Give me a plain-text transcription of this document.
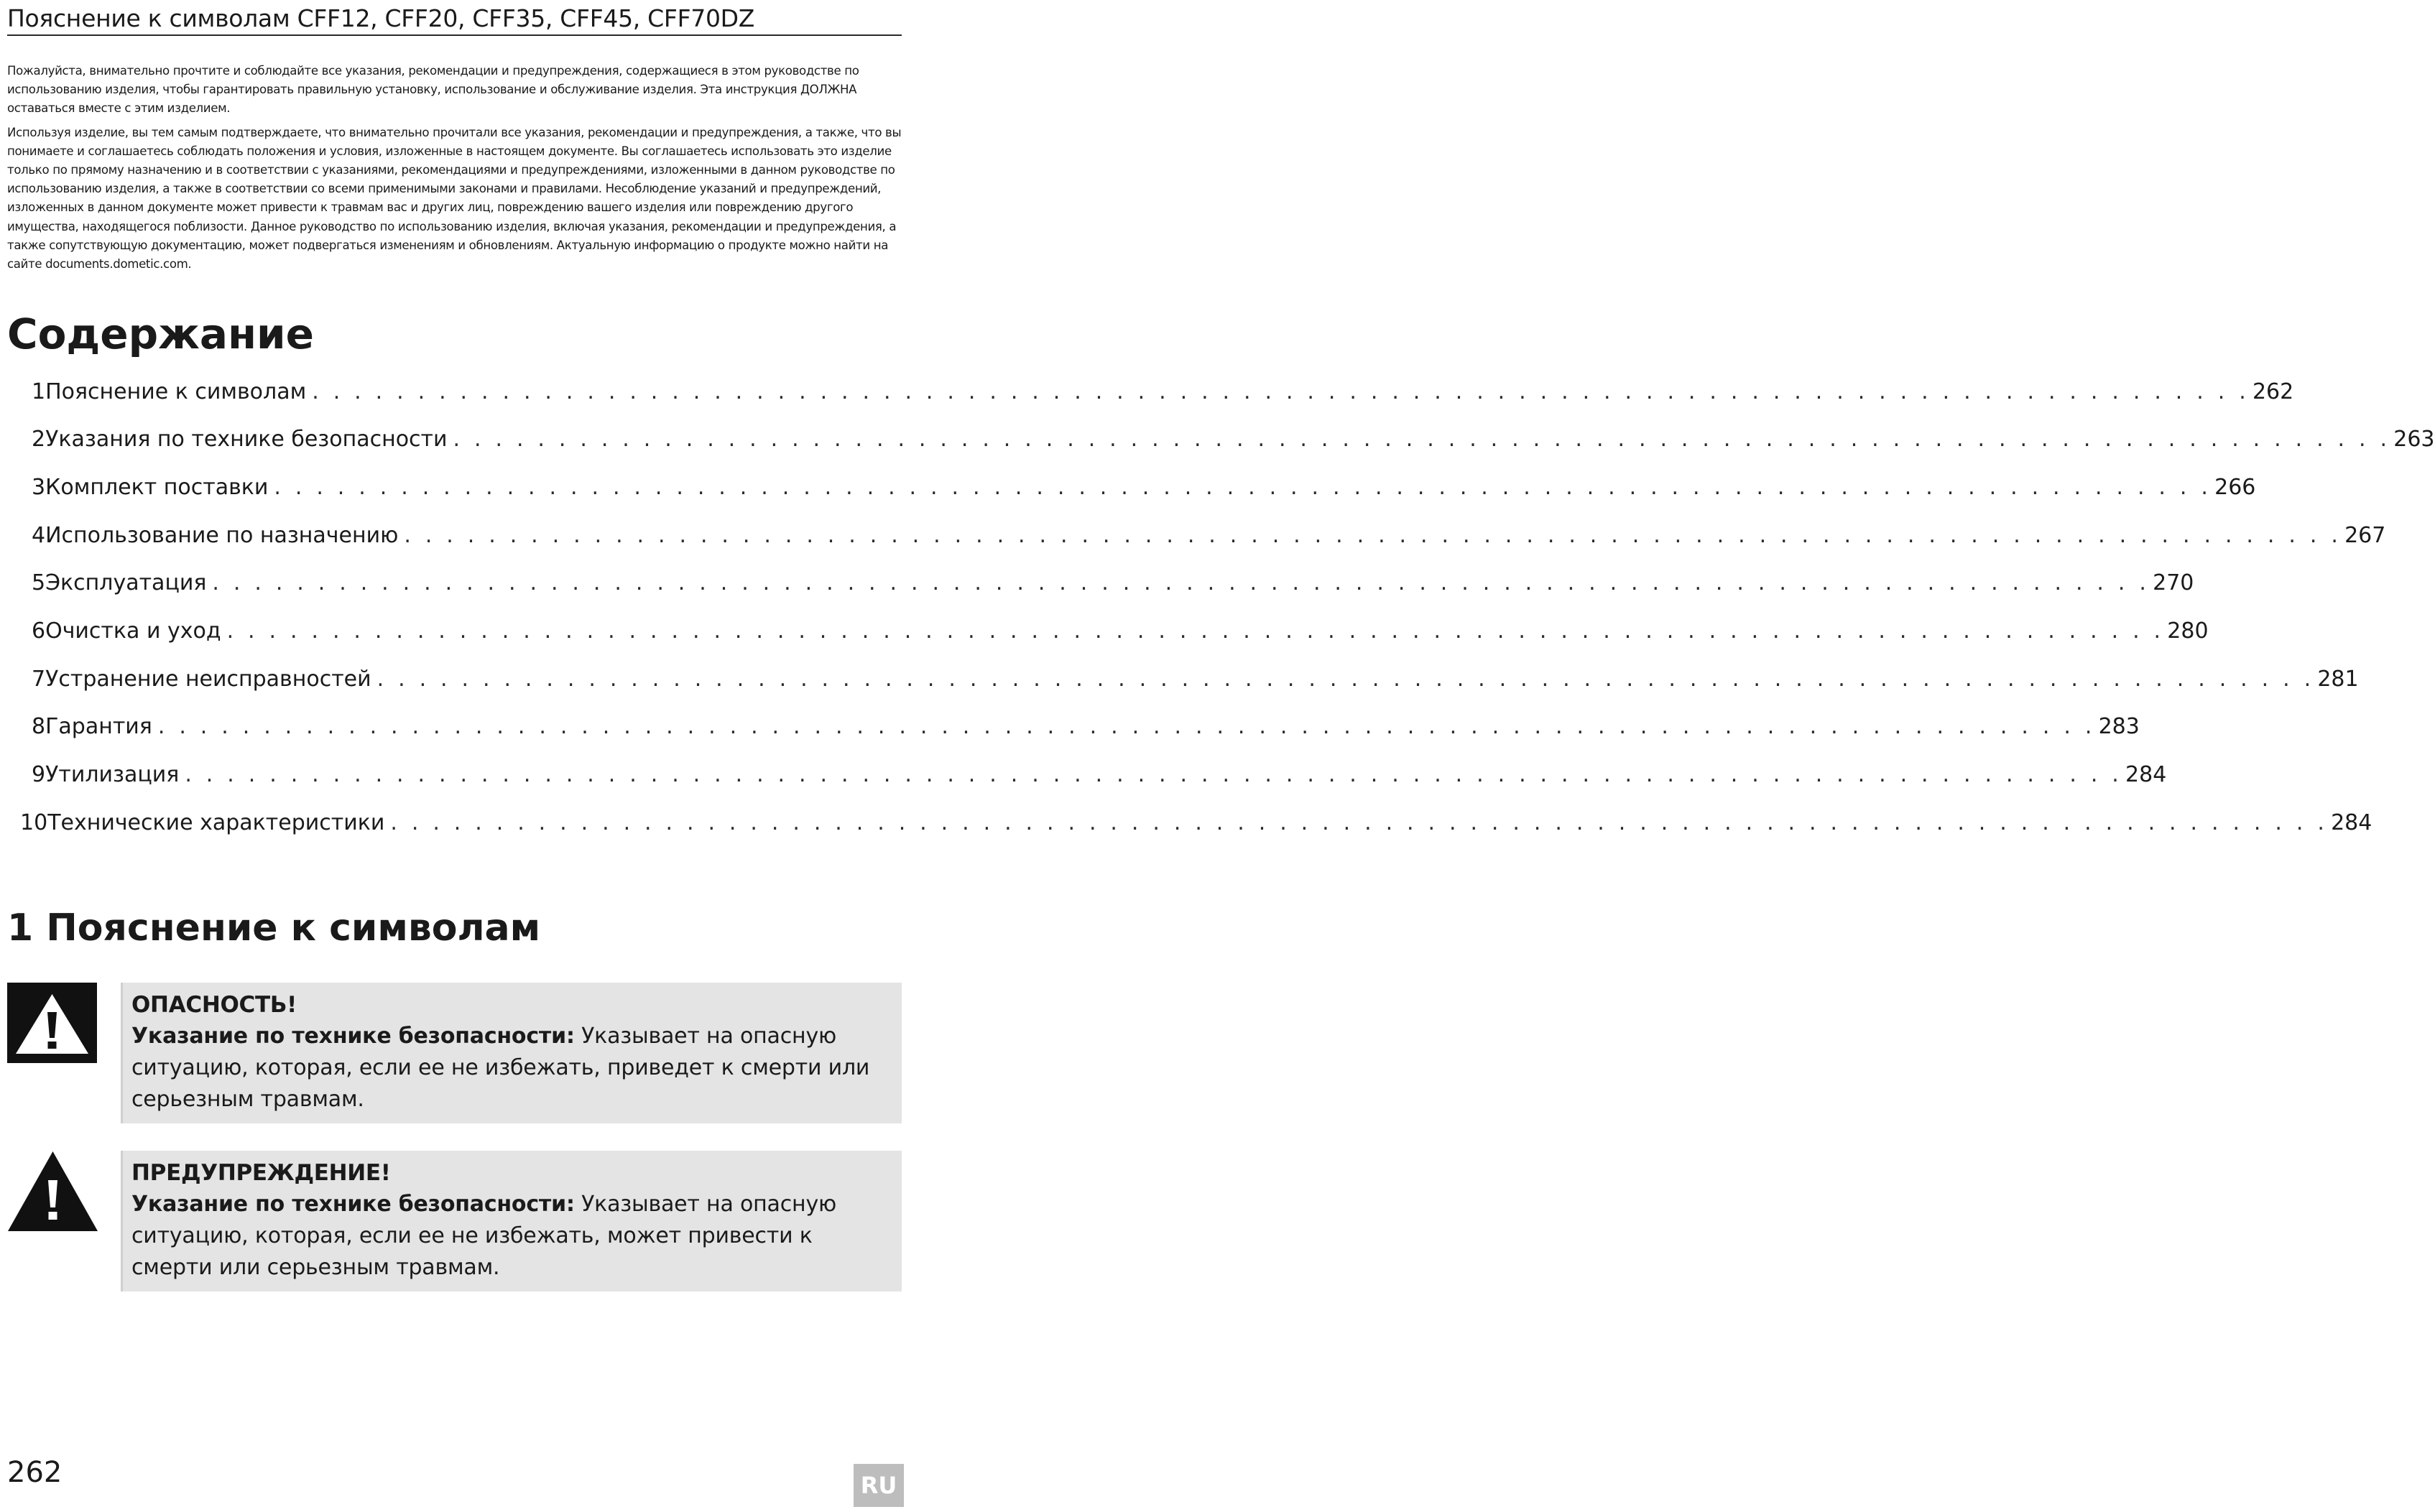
Пояснение к символам CFF12, CFF20, CFF35, CFF45, CFF70DZ

Пожалуйста, внимательно прочтите и соблюдайте все указания, рекомендации и предупреждения, содержащиеся в этом руководстве по использованию изделия, чтобы гарантировать правильную установку, использование и обслуживание изделия. Эта инструкция ДОЛЖНА оставаться вместе с этим изделием.

Используя изделие, вы тем самым подтверждаете, что внимательно прочитали все указания, рекомендации и предупреждения, а также, что вы понимаете и соглашаетесь соблюдать положения и условия, изложенные в настоящем документе. Вы соглашаетесь использовать это изделие только по прямому назначению и в соответствии с указаниями, рекомендациями и предупреждениями, изложенными в данном руководстве по использованию изделия, а также в соответствии со всеми применимыми законами и правилами. Несоблюдение указаний и предупреждений, изложенных в данном документе может привести к травмам вас и других лиц, повреждению вашего изделия или повреждению другого имущества, находящегося поблизости. Данное руководство по использованию изделия, включая указания, рекомендации и предупреждения, а также сопутствующую документацию, может подвергаться изменениям и обновлениям. Актуальную информацию о продукте можно найти на сайте documents.dometic.com.

Содержание
1 Пояснение к символам . . . . . . . . . . . . . . . . . . . . . . . . . . . . . . . . . . . . . . . . . . . . . . . . . . . . . . . . . . . . . . . . . . . . . . . . . . . . . . . . . . . . . . . . . . . . 262
2 Указания по технике безопасности . . . . . . . . . . . . . . . . . . . . . . . . . . . . . . . . . . . . . . . . . . . . . . . . . . . . . . . . . . . . . . . . . . . . . . . . . . . . . . . . . . . . . . . . . . . . 263
3 Комплект поставки . . . . . . . . . . . . . . . . . . . . . . . . . . . . . . . . . . . . . . . . . . . . . . . . . . . . . . . . . . . . . . . . . . . . . . . . . . . . . . . . . . . . . . . . . . . . 266
4 Использование по назначению . . . . . . . . . . . . . . . . . . . . . . . . . . . . . . . . . . . . . . . . . . . . . . . . . . . . . . . . . . . . . . . . . . . . . . . . . . . . . . . . . . . . . . . . . . . . 267
5 Эксплуатация . . . . . . . . . . . . . . . . . . . . . . . . . . . . . . . . . . . . . . . . . . . . . . . . . . . . . . . . . . . . . . . . . . . . . . . . . . . . . . . . . . . . . . . . . . . . 270
6 Очистка и уход . . . . . . . . . . . . . . . . . . . . . . . . . . . . . . . . . . . . . . . . . . . . . . . . . . . . . . . . . . . . . . . . . . . . . . . . . . . . . . . . . . . . . . . . . . . . 280
7 Устранение неисправностей . . . . . . . . . . . . . . . . . . . . . . . . . . . . . . . . . . . . . . . . . . . . . . . . . . . . . . . . . . . . . . . . . . . . . . . . . . . . . . . . . . . . . . . . . . . . 281
8 Гарантия . . . . . . . . . . . . . . . . . . . . . . . . . . . . . . . . . . . . . . . . . . . . . . . . . . . . . . . . . . . . . . . . . . . . . . . . . . . . . . . . . . . . . . . . . . . . 283
9 Утилизация . . . . . . . . . . . . . . . . . . . . . . . . . . . . . . . . . . . . . . . . . . . . . . . . . . . . . . . . . . . . . . . . . . . . . . . . . . . . . . . . . . . . . . . . . . . . 284
10 Технические характеристики . . . . . . . . . . . . . . . . . . . . . . . . . . . . . . . . . . . . . . . . . . . . . . . . . . . . . . . . . . . . . . . . . . . . . . . . . . . . . . . . . . . . . . . . . . . . 284
1 Пояснение к символам
ОПАСНОСТЬ!
Указание по технике безопасности: Указывает на опасную ситуацию, которая, если ее не избежать, приведет к смерти или серьезным травмам.
ПРЕДУПРЕЖДЕНИЕ!
Указание по технике безопасности: Указывает на опасную ситуацию, которая, если ее не избежать, может привести к смерти или серьезным травмам.
262	RU
